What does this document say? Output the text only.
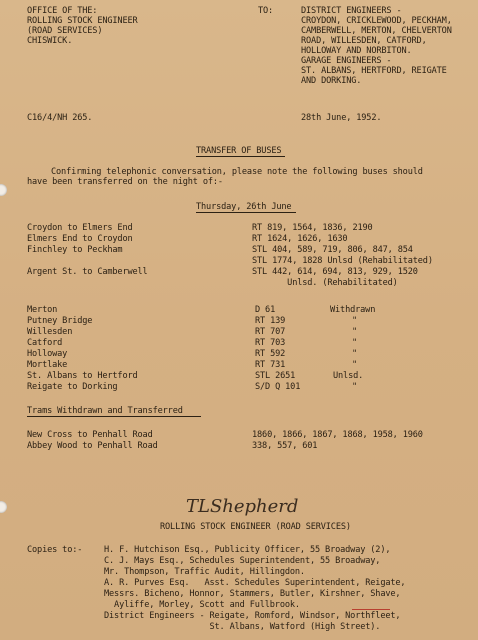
OFFICE OF THE:
ROLLING STOCK ENGINEER
(ROAD SERVICES)
CHISWICK.
TO:	DISTRICT ENGINEERS -
CROYDON, CRICKLEWOOD, PECKHAM,
CAMBERWELL, MERTON, CHELVERTON
ROAD, WILLESDEN, CATFORD,
HOLLOWAY AND NORBITON.
GARAGE ENGINEERS -
ST. ALBANS, HERTFORD, REIGATE
AND DORKING.
C16/4/NH 265.	28th June, 1952.
TRANSFER OF BUSES
Confirming telephonic conversation, please note the following buses should
have been transferred on the night of:-
Thursday, 26th June
Croydon to Elmers End	RT 819, 1564, 1836, 2190
Elmers End to Croydon	RT 1624, 1626, 1630
Finchley to Peckham	STL 404, 589, 719, 806, 847, 854
STL 1774, 1828 Unlsd (Rehabilitated)
Argent St. to Camberwell	STL 442, 614, 694, 813, 929, 1520
Unlsd. (Rehabilitated)
Merton	D 61	Withdrawn
Putney Bridge	RT 139	"
Willesden	RT 707	"
Catford	RT 703	"
Holloway	RT 592	"
Mortlake	RT 731	"
St. Albans to Hertford	STL 2651	Unlsd.
Reigate to Dorking	S/D Q 101	"
Trams Withdrawn and Transferred
New Cross to Penhall Road	1860, 1866, 1867, 1868, 1958, 1960
Abbey Wood to Penhall Road	338, 557, 601
TLShepherd
ROLLING STOCK ENGINEER (ROAD SERVICES)
Copies to:-	H. F. Hutchison Esq., Publicity Officer, 55 Broadway (2),
C. J. Mays Esq., Schedules Superintendent, 55 Broadway,
Mr. Thompson, Traffic Audit, Hillingdon.
A. R. Purves Esq.   Asst. Schedules Superintendent, Reigate,
Messrs. Bicheno, Honnor, Stammers, Butler, Kirshner, Shave,
Ayliffe, Morley, Scott and Fullbrook.
District Engineers - Reigate, Romford, Windsor, Northfleet,
St. Albans, Watford (High Street).
